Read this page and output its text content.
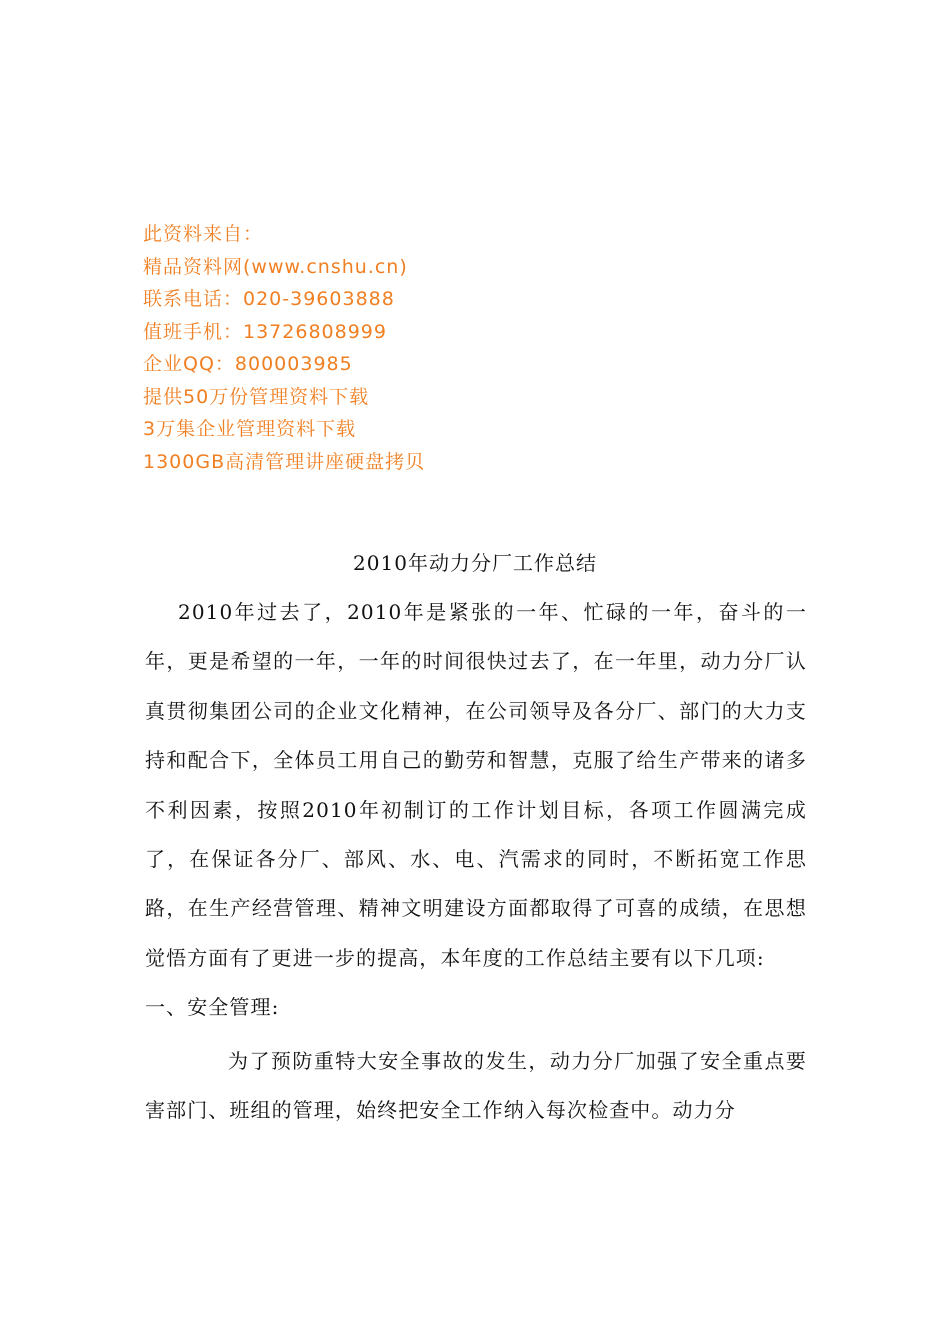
此资料来自：
精品资料网(www.cnshu.cn)
联系电话：020-39603888
值班手机：13726808999
企业QQ：800003985
提供50万份管理资料下载
3万集企业管理资料下载
1300GB高清管理讲座硬盘拷贝
2010年动力分厂工作总结

2010年过去了，2010年是紧张的一年、忙碌的一年，奋斗的一年，更是希望的一年，一年的时间很快过去了，在一年里，动力分厂认真贯彻集团公司的企业文化精神，在公司领导及各分厂、部门的大力支持和配合下，全体员工用自己的勤劳和智慧，克服了给生产带来的诸多不利因素，按照2010年初制订的工作计划目标，各项工作圆满完成了，在保证各分厂、部风、水、电、汽需求的同时，不断拓宽工作思路，在生产经营管理、精神文明建设方面都取得了可喜的成绩，在思想觉悟方面有了更进一步的提高，本年度的工作总结主要有以下几项:

一、安全管理:

为了预防重特大安全事故的发生，动力分厂加强了安全重点要害部门、班组的管理，始终把安全工作纳入每次检查中。动力分
